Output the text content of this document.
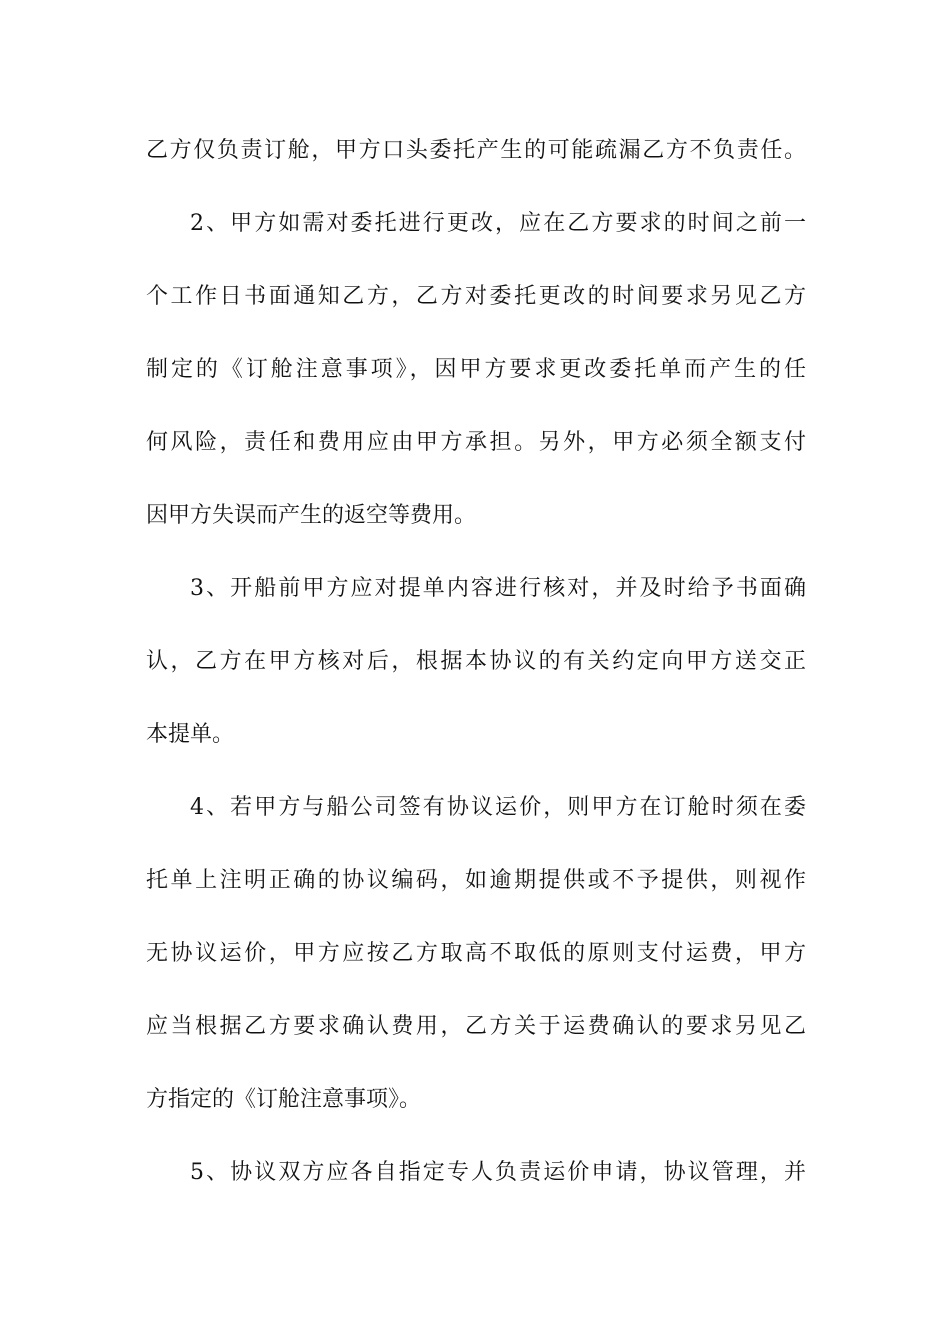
乙方仅负责订舱，甲方口头委托产生的可能疏漏乙方不负责任。
2、甲方如需对委托进行更改，应在乙方要求的时间之前一
个工作日书面通知乙方，乙方对委托更改的时间要求另见乙方
制定的《订舱注意事项》，因甲方要求更改委托单而产生的任
何风险，责任和费用应由甲方承担。另外，甲方必须全额支付
因甲方失误而产生的返空等费用。
3、开船前甲方应对提单内容进行核对，并及时给予书面确
认，乙方在甲方核对后，根据本协议的有关约定向甲方送交正
本提单。
4、若甲方与船公司签有协议运价，则甲方在订舱时须在委
托单上注明正确的协议编码，如逾期提供或不予提供，则视作
无协议运价，甲方应按乙方取高不取低的原则支付运费，甲方
应当根据乙方要求确认费用，乙方关于运费确认的要求另见乙
方指定的《订舱注意事项》。
5、协议双方应各自指定专人负责运价申请，协议管理，并
